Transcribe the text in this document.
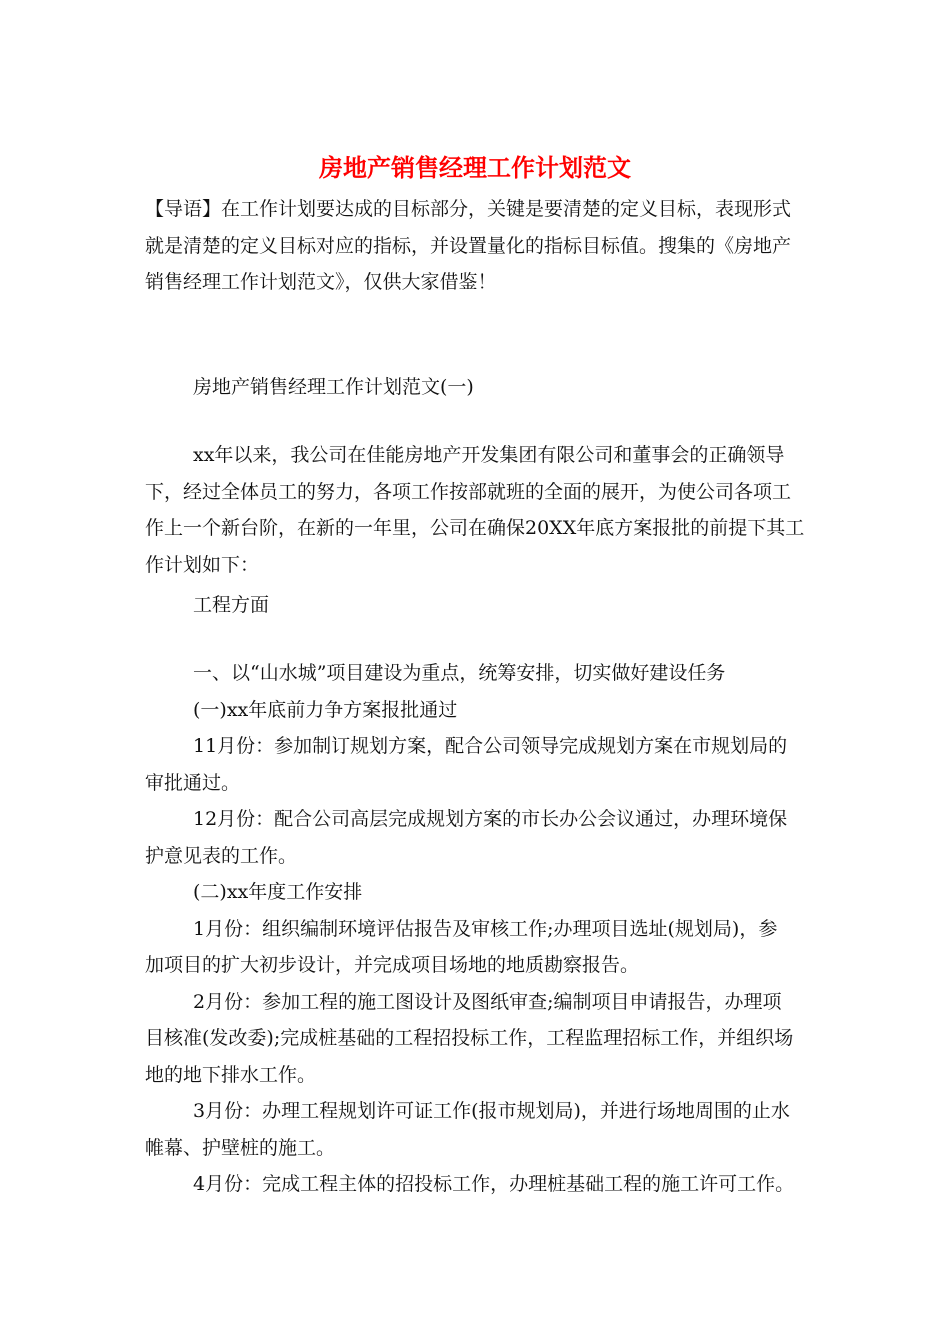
房地产销售经理工作计划范文
【导语】在工作计划要达成的目标部分，关键是要清楚的定义目标，表现形式
就是清楚的定义目标对应的指标，并设置量化的指标目标值。搜集的《房地产
销售经理工作计划范文》，仅供大家借鉴！
房地产销售经理工作计划范文(一)
xx年以来，我公司在佳能房地产开发集团有限公司和董事会的正确领导
下，经过全体员工的努力，各项工作按部就班的全面的展开，为使公司各项工
作上一个新台阶，在新的一年里，公司在确保20XX年底方案报批的前提下其工
作计划如下：
工程方面
一、以“山水城”项目建设为重点，统筹安排，切实做好建设任务
(一)xx年底前力争方案报批通过
11月份：参加制订规划方案，配合公司领导完成规划方案在市规划局的
审批通过。
12月份：配合公司高层完成规划方案的市长办公会议通过，办理环境保
护意见表的工作。
(二)xx年度工作安排
1月份：组织编制环境评估报告及审核工作;办理项目选址(规划局)，参
加项目的扩大初步设计，并完成项目场地的地质勘察报告。
2月份：参加工程的施工图设计及图纸审查;编制项目申请报告，办理项
目核准(发改委);完成桩基础的工程招投标工作，工程监理招标工作，并组织场
地的地下排水工作。
3月份：办理工程规划许可证工作(报市规划局)，并进行场地周围的止水
帷幕、护壁桩的施工。
4月份：完成工程主体的招投标工作，办理桩基础工程的施工许可工作。
